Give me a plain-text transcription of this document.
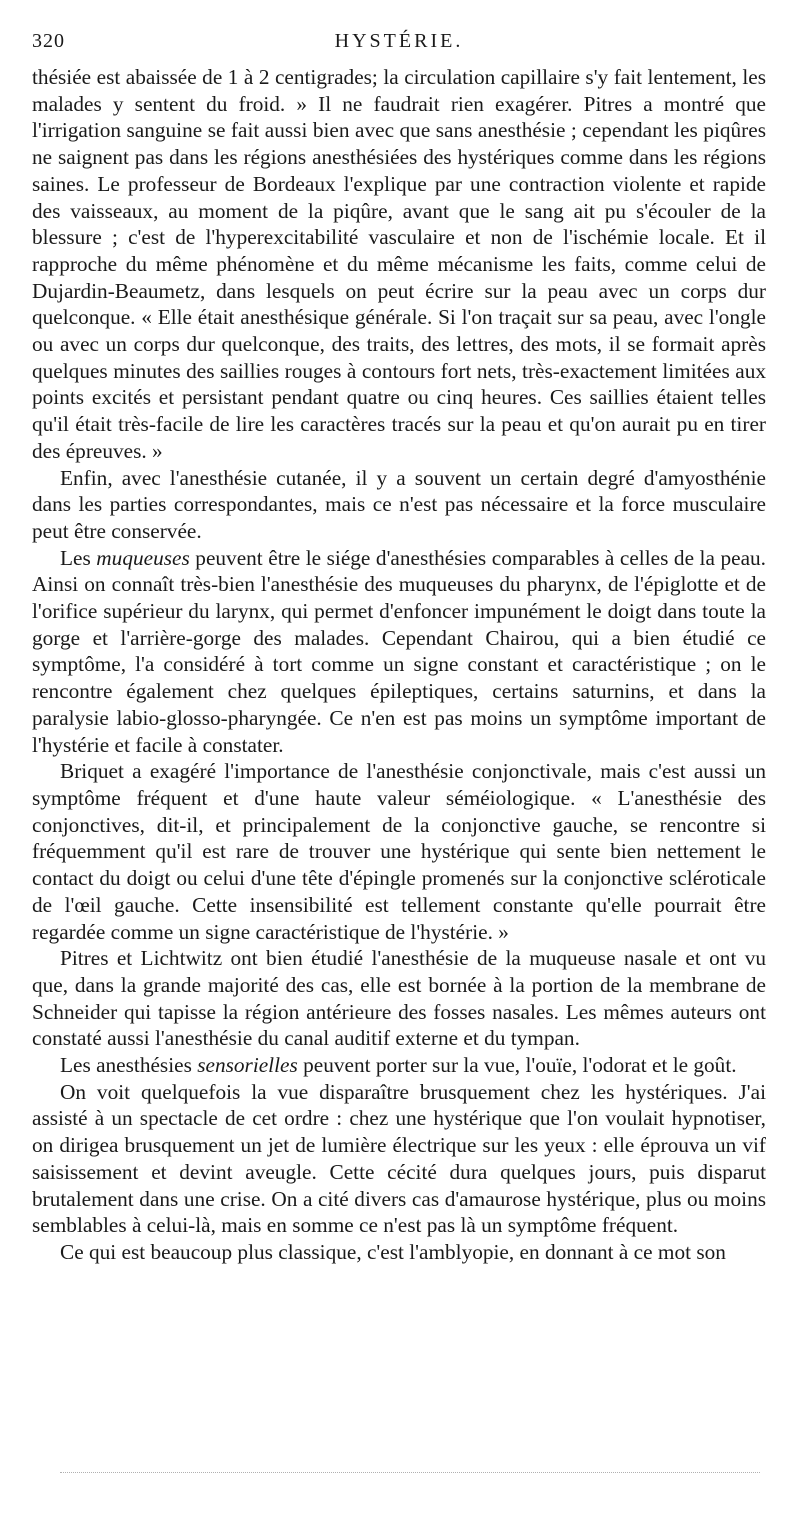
320	HYSTÉRIE.

thésiée est abaissée de 1 à 2 centigrades; la circulation capillaire s'y fait lentement, les malades y sentent du froid. » Il ne faudrait rien exagérer. Pitres a montré que l'irrigation sanguine se fait aussi bien avec que sans anesthésie ; cependant les piqûres ne saignent pas dans les régions anesthésiées des hystériques comme dans les régions saines. Le professeur de Bordeaux l'explique par une contraction violente et rapide des vaisseaux, au moment de la piqûre, avant que le sang ait pu s'écouler de la blessure ; c'est de l'hyperexcitabilité vasculaire et non de l'ischémie locale. Et il rapproche du même phénomène et du même mécanisme les faits, comme celui de Dujardin-Beaumetz, dans lesquels on peut écrire sur la peau avec un corps dur quelconque. « Elle était anesthésique générale. Si l'on traçait sur sa peau, avec l'ongle ou avec un corps dur quelconque, des traits, des lettres, des mots, il se formait après quelques minutes des saillies rouges à contours fort nets, très-exactement limitées aux points excités et persistant pendant quatre ou cinq heures. Ces saillies étaient telles qu'il était très-facile de lire les caractères tracés sur la peau et qu'on aurait pu en tirer des épreuves. »

Enfin, avec l'anesthésie cutanée, il y a souvent un certain degré d'amyosthénie dans les parties correspondantes, mais ce n'est pas nécessaire et la force musculaire peut être conservée.

Les muqueuses peuvent être le siége d'anesthésies comparables à celles de la peau. Ainsi on connaît très-bien l'anesthésie des muqueuses du pharynx, de l'épiglotte et de l'orifice supérieur du larynx, qui permet d'enfoncer impunément le doigt dans toute la gorge et l'arrière-gorge des malades. Cependant Chairou, qui a bien étudié ce symptôme, l'a considéré à tort comme un signe constant et caractéristique ; on le rencontre également chez quelques épileptiques, certains saturnins, et dans la paralysie labio-glosso-pharyngée. Ce n'en est pas moins un symptôme important de l'hystérie et facile à constater.

Briquet a exagéré l'importance de l'anesthésie conjonctivale, mais c'est aussi un symptôme fréquent et d'une haute valeur séméiologique. « L'anesthésie des conjonctives, dit-il, et principalement de la conjonctive gauche, se rencontre si fréquemment qu'il est rare de trouver une hystérique qui sente bien nettement le contact du doigt ou celui d'une tête d'épingle promenés sur la conjonctive scléroticale de l'œil gauche. Cette insensibilité est tellement constante qu'elle pourrait être regardée comme un signe caractéristique de l'hystérie. »

Pitres et Lichtwitz ont bien étudié l'anesthésie de la muqueuse nasale et ont vu que, dans la grande majorité des cas, elle est bornée à la portion de la membrane de Schneider qui tapisse la région antérieure des fosses nasales. Les mêmes auteurs ont constaté aussi l'anesthésie du canal auditif externe et du tympan.

Les anesthésies sensorielles peuvent porter sur la vue, l'ouïe, l'odorat et le goût.

On voit quelquefois la vue disparaître brusquement chez les hystériques. J'ai assisté à un spectacle de cet ordre : chez une hystérique que l'on voulait hypnotiser, on dirigea brusquement un jet de lumière électrique sur les yeux : elle éprouva un vif saisissement et devint aveugle. Cette cécité dura quelques jours, puis disparut brutalement dans une crise. On a cité divers cas d'amaurose hystérique, plus ou moins semblables à celui-là, mais en somme ce n'est pas là un symptôme fréquent.

Ce qui est beaucoup plus classique, c'est l'amblyopie, en donnant à ce mot son
